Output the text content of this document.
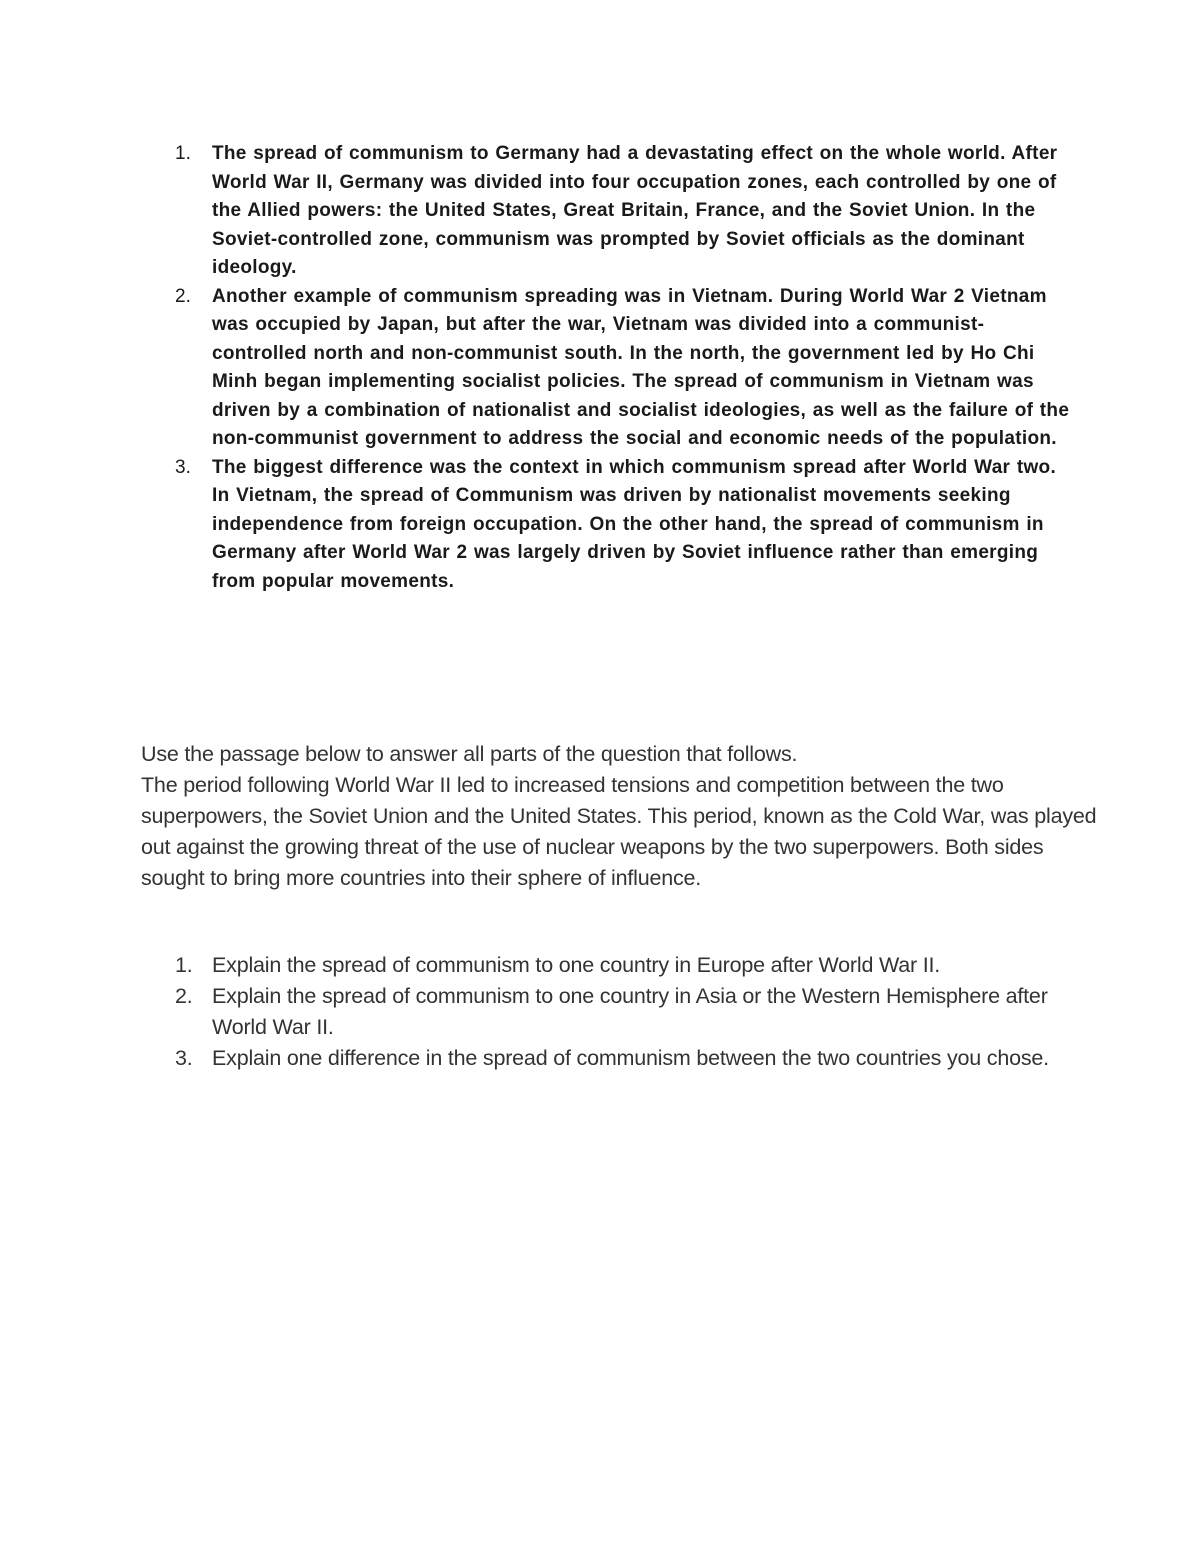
1. The spread of communism to Germany had a devastating effect on the whole world. After World War II, Germany was divided into four occupation zones, each controlled by one of the Allied powers: the United States, Great Britain, France, and the Soviet Union. In the Soviet-controlled zone, communism was prompted by Soviet officials as the dominant ideology.
2. Another example of communism spreading was in Vietnam. During World War 2 Vietnam was occupied by Japan, but after the war, Vietnam was divided into a communist-controlled north and non-communist south. In the north, the government led by Ho Chi Minh began implementing socialist policies. The spread of communism in Vietnam was driven by a combination of nationalist and socialist ideologies, as well as the failure of the non-communist government to address the social and economic needs of the population.
3. The biggest difference was the context in which communism spread after World War two. In Vietnam, the spread of Communism was driven by nationalist movements seeking independence from foreign occupation. On the other hand, the spread of communism in Germany after World War 2 was largely driven by Soviet influence rather than emerging from popular movements.

Use the passage below to answer all parts of the question that follows.

The period following World War II led to increased tensions and competition between the two superpowers, the Soviet Union and the United States. This period, known as the Cold War, was played out against the growing threat of the use of nuclear weapons by the two superpowers. Both sides sought to bring more countries into their sphere of influence.

1. Explain the spread of communism to one country in Europe after World War II.
2. Explain the spread of communism to one country in Asia or the Western Hemisphere after World War II.
3. Explain one difference in the spread of communism between the two countries you chose.
